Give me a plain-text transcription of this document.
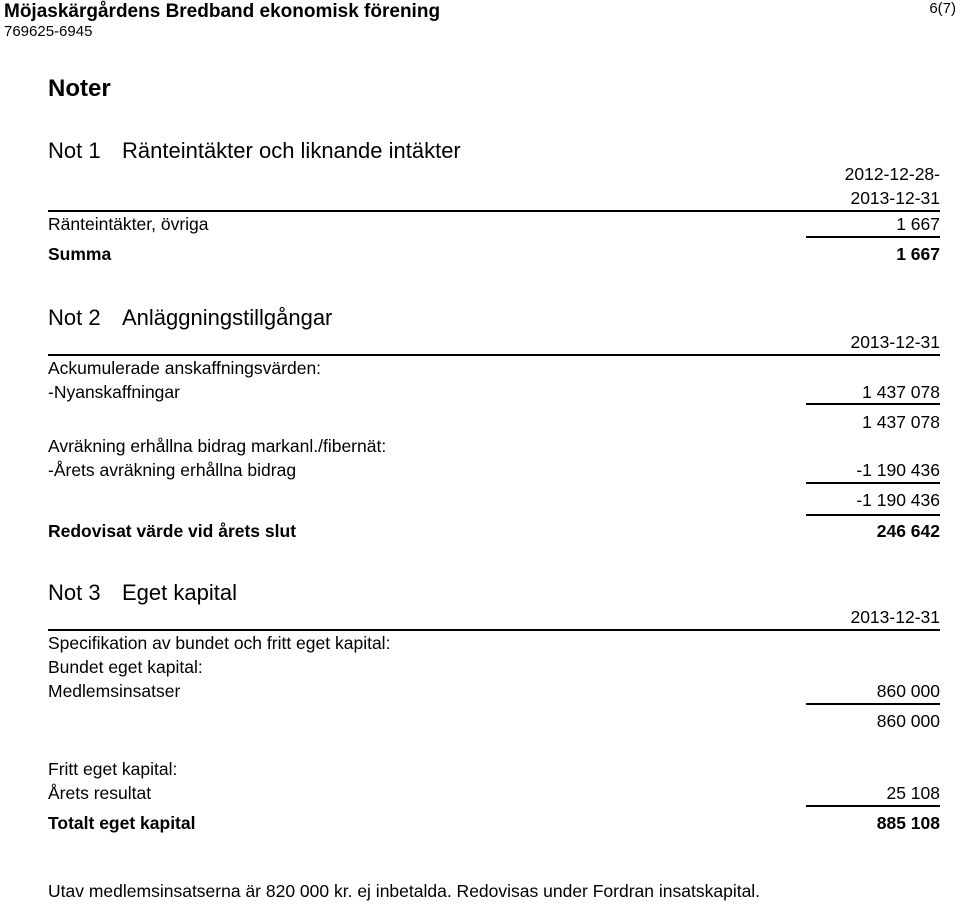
Möjaskärgårdens Bredband ekonomisk förening
769625-6945
6(7)
Noter
Not 1 Ränteintäkter och liknande intäkter
2012-12-28-
2013-12-31
Ränteintäkter, övriga	1 667
Summa	1 667
Not 2 Anläggningstillgångar
2013-12-31
Ackumulerade anskaffningsvärden:
-Nyanskaffningar	1 437 078
1 437 078
Avräkning erhållna bidrag markanl./fibernät:
-Årets avräkning erhållna bidrag	-1 190 436
-1 190 436
Redovisat värde vid årets slut	246 642
Not 3 Eget kapital
2013-12-31
Specifikation av bundet och fritt eget kapital:
Bundet eget kapital:
Medlemsinsatser	860 000
860 000
Fritt eget kapital:
Årets resultat	25 108
Totalt eget kapital	885 108
Utav medlemsinsatserna är 820 000 kr. ej inbetalda. Redovisas under Fordran insatskapital.
